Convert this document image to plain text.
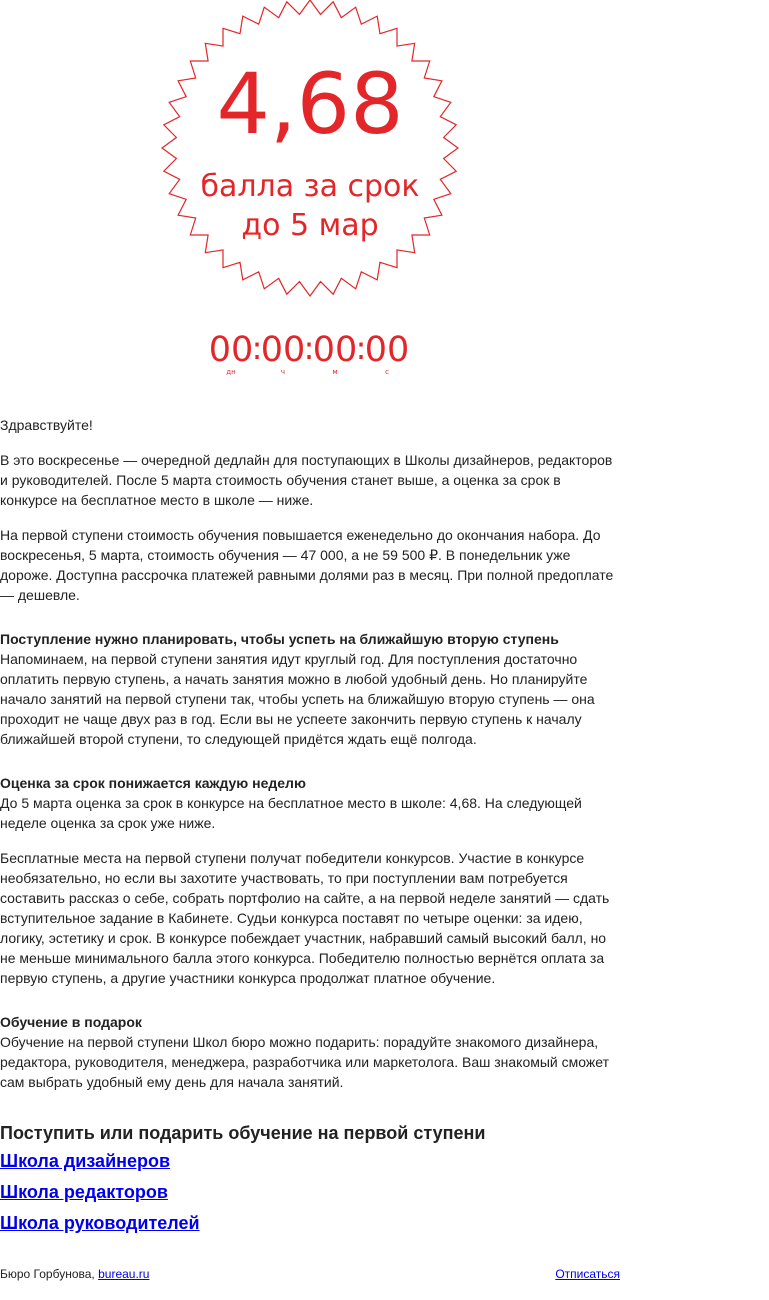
4,68
балла за срок
до 5 мар
00
:
00
:
00
:
00
дн	ч	м	с

Здравствуйте!

В это воскресенье — очередной дедлайн для поступающих в Школы дизайнеров, редакторов и руководителей. После 5 марта стоимость обучения станет выше, а оценка за срок в конкурсе на бесплатное место в школе — ниже.

На первой ступени стоимость обучения повышается еженедельно до окончания набора. До воскресенья, 5 марта, стоимость обучения — 47 000, а не 59 500 ₽. В понедельник уже дороже. Доступна рассрочка платежей равными долями раз в месяц. При полной предоплате — дешевле.

Поступление нужно планировать, чтобы успеть на ближайшую вторую ступень
Напоминаем, на первой ступени занятия идут круглый год. Для поступления достаточно оплатить первую ступень, а начать занятия можно в любой удобный день. Но планируйте начало занятий на первой ступени так, чтобы успеть на ближайшую вторую ступень — она проходит не чаще двух раз в год. Если вы не успеете закончить первую ступень к началу ближайшей второй ступени, то следующей придётся ждать ещё полгода.

Оценка за срок понижается каждую неделю
До 5 марта оценка за срок в конкурсе на бесплатное место в школе: 4,68. На следующей неделе оценка за срок уже ниже.

Бесплатные места на первой ступени получат победители конкурсов. Участие в конкурсе необязательно, но если вы захотите участвовать, то при поступлении вам потребуется составить рассказ о себе, собрать портфолио на сайте, а на первой неделе занятий — сдать вступительное задание в Кабинете. Судьи конкурса поставят по четыре оценки: за идею, логику, эстетику и срок. В конкурсе побеждает участник, набравший самый высокий балл, но не меньше минимального балла этого конкурса. Победителю полностью вернётся оплата за первую ступень, а другие участники конкурса продолжат платное обучение.

Обучение в подарок
Обучение на первой ступени Школ бюро можно подарить: порадуйте знакомого дизайнера, редактора, руководителя, менеджера, разработчика или маркетолога. Ваш знакомый сможет сам выбрать удобный ему день для начала занятий.

Поступить или подарить обучение на первой ступени
Школа дизайнеров
Школа редакторов
Школа руководителей
Бюро Горбунова, bureau.ru	Отписаться
